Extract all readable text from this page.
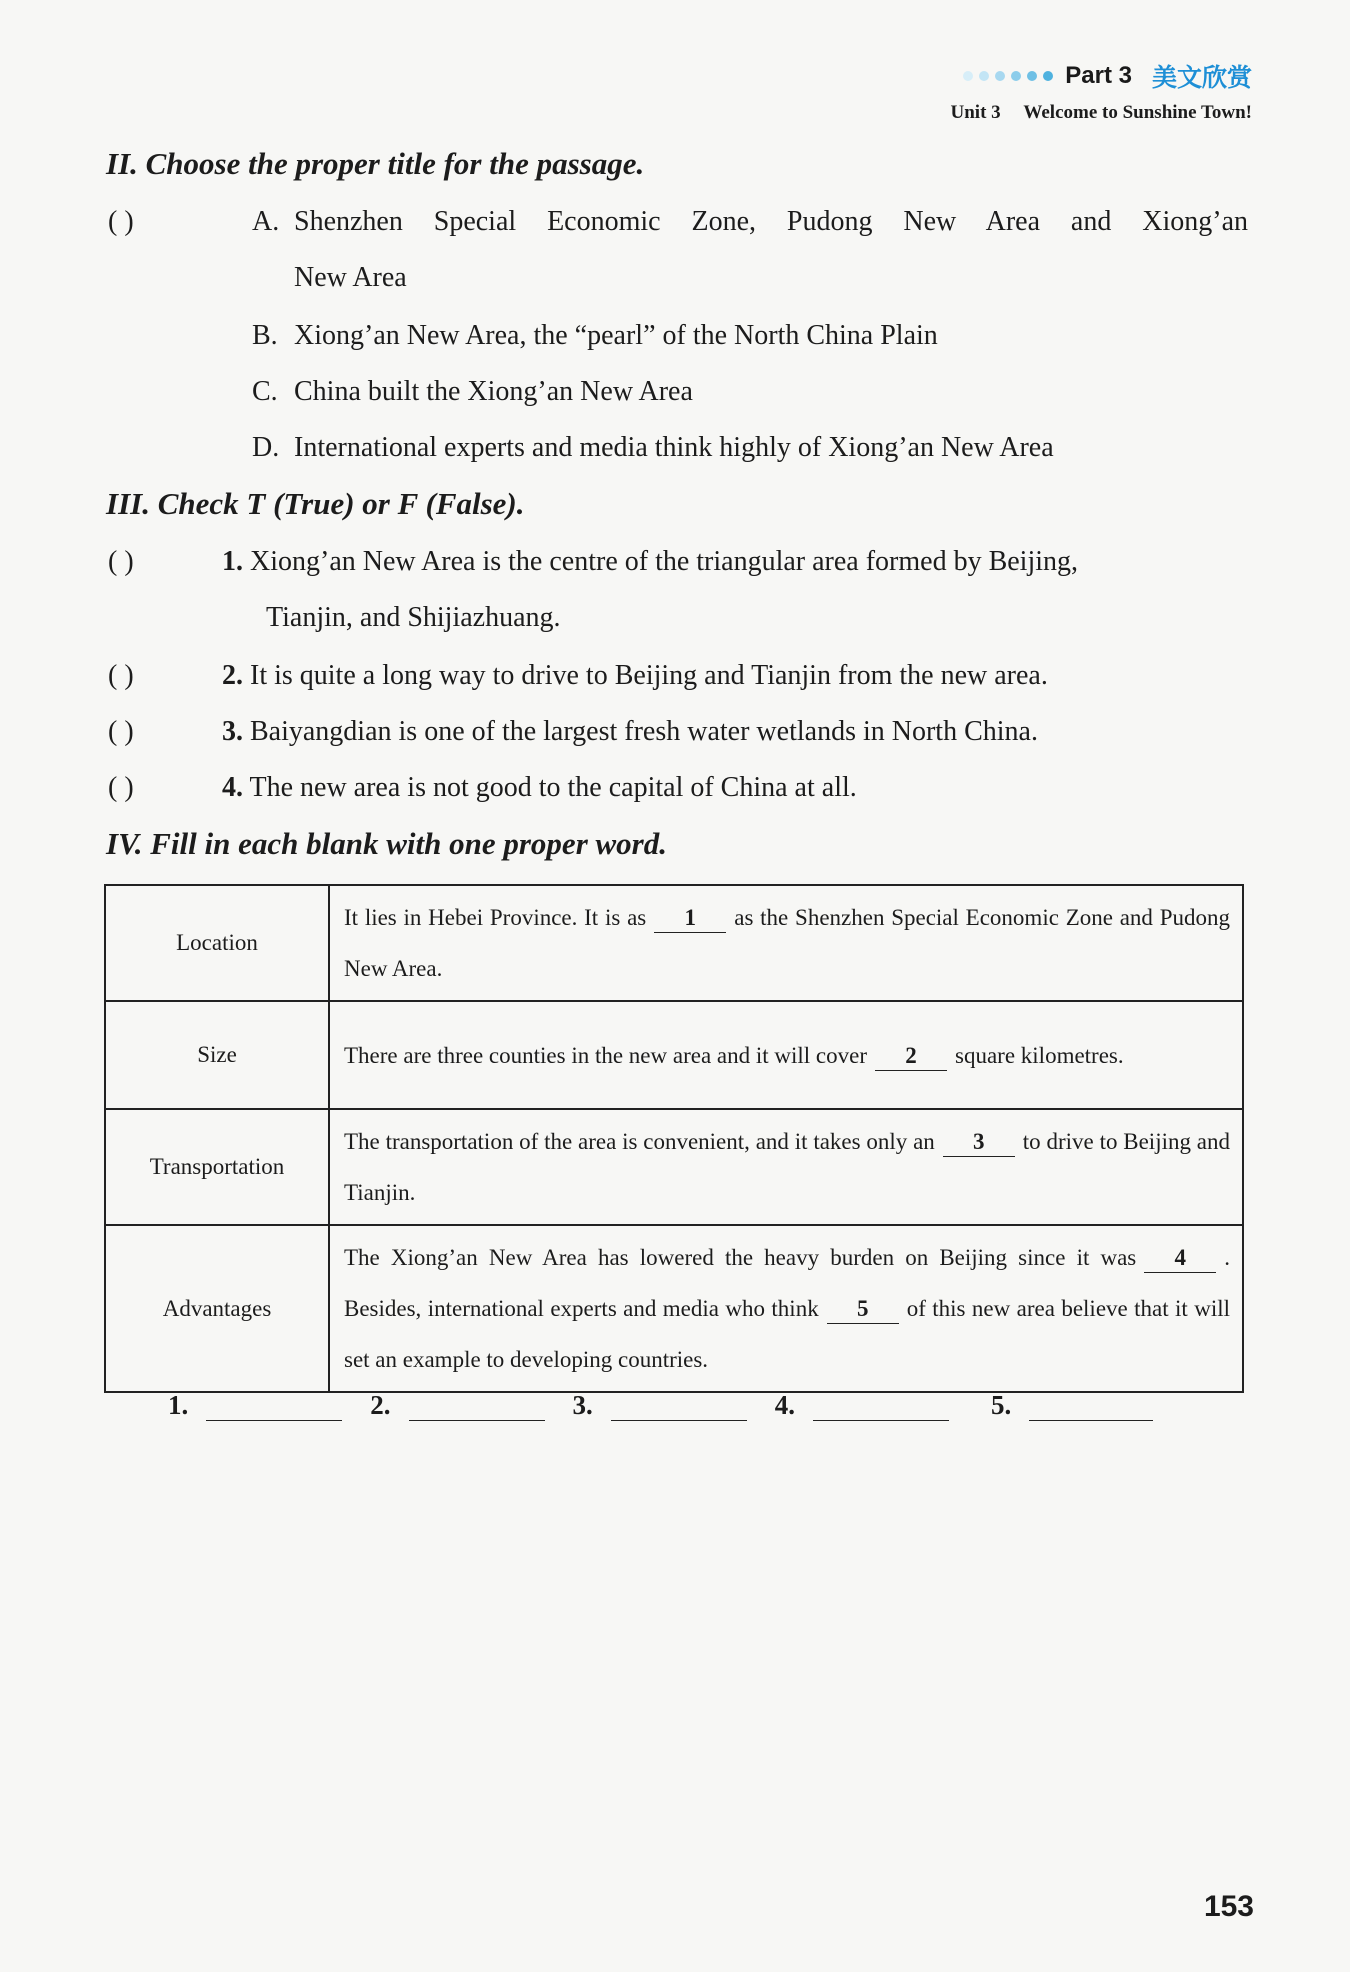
Part 3 美文欣赏
Unit 3 Welcome to Sunshine Town!
II. Choose the proper title for the passage.
( )	A. Shenzhen Special Economic Zone, Pudong New Area and Xiong’an
New Area
B. Xiong’an New Area, the “pearl” of the North China Plain
C. China built the Xiong’an New Area
D. International experts and media think highly of Xiong’an New Area
III. Check T (True) or F (False).
( )	1. Xiong’an New Area is the centre of the triangular area formed by Beijing,
Tianjin, and Shijiazhuang.
( )	2. It is quite a long way to drive to Beijing and Tianjin from the new area.
( )	3. Baiyangdian is one of the largest fresh water wetlands in North China.
( )	4. The new area is not good to the capital of China at all.
IV. Fill in each blank with one proper word.
Location	It lies in Hebei Province. It is as 1 as the Shenzhen Special Economic Zone and Pudong New Area.
Size	There are three counties in the new area and it will cover 2 square kilometres.
Transportation	The transportation of the area is convenient, and it takes only an 3 to drive to Beijing and Tianjin.
Advantages	The Xiong’an New Area has lowered the heavy burden on Beijing since it was 4 . Besides, international experts and media who think 5 of this new area believe that it will set an example to developing countries.
1.	2.	3.	4.	5.
153
